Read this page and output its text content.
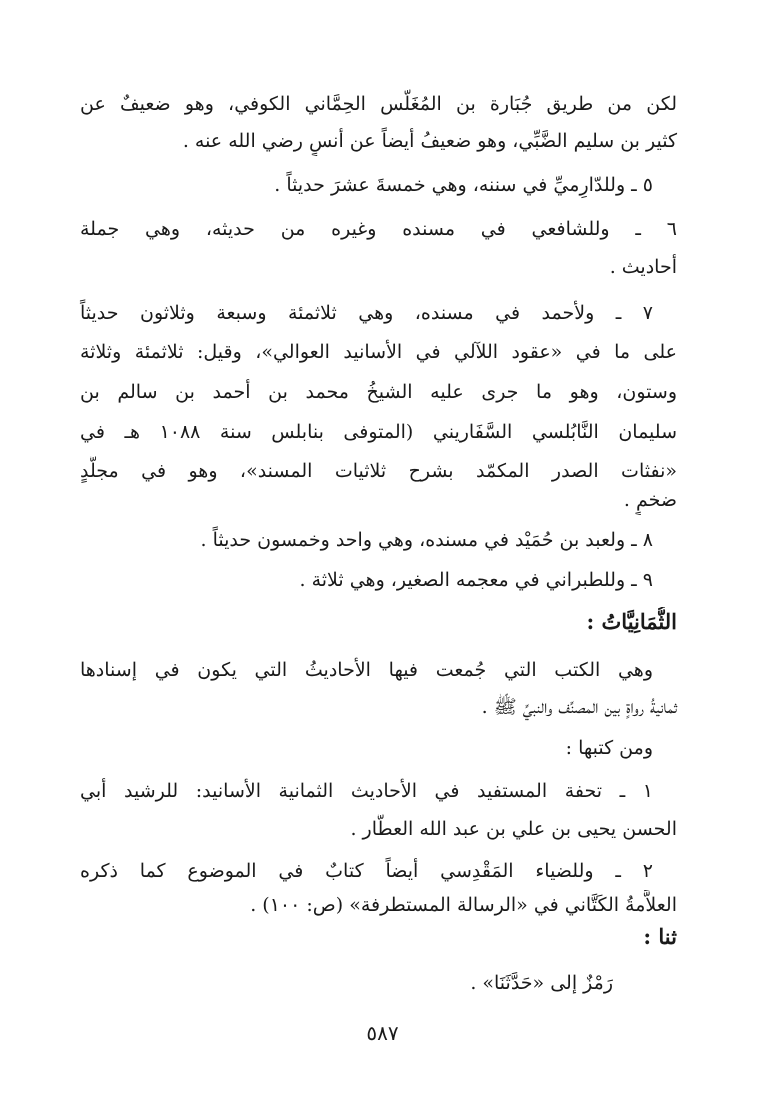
لكن من طريق جُبَارة بن المُغَلّس الحِمَّاني الكوفي، وهو ضعيفٌ عن
كثير بن سليم الضَّبِّي، وهو ضعيفُ أيضاً عن أنسٍ رضي الله عنه .
٥ ـ وللدّارِميِّ في سننه، وهي خمسةَ عشرَ حديثاً .
٦ ـ وللشافعي في مسنده وغيره من حديثه، وهي جملة
أحاديث .
٧ ـ ولأحمد في مسنده، وهي ثلاثمئة وسبعة وثلاثون حديثاً
على ما في «عقود اللآلي في الأسانيد العوالي»، وقيل: ثلاثمئة وثلاثة
وستون، وهو ما جرى عليه الشيخُ محمد بن أحمد بن سالم بن
سليمان النَّابُلسي السَّفَاريني (المتوفى بنابلس سنة ١٠٨٨ هـ في
«نفثات الصدر المكمّد بشرح ثلاثيات المسند»، وهو في مجلَّدٍ
ضخمٍ .
٨ ـ ولعبد بن حُمَيْد في مسنده، وهي واحد وخمسون حديثاً .
٩ ـ وللطبراني في معجمه الصغير، وهي ثلاثة .
الثُّمَانِيَّاتُ :
وهي الكتب التي جُمعت فيها الأحاديثُ التي يكون في إسنادها
ثمانيةُ رواةٍ بين المصنِّف والنبيِّ ﷺ .
ومن كتبها :
١ ـ تحفة المستفيد في الأحاديث الثمانية الأسانيد: للرشيد أبي
الحسن يحيى بن علي بن عبد الله العطَّار .
٢ ـ وللضياء المَقْدِسي أيضاً كتابٌ في الموضوع كما ذكره
العلاَّمةُ الكَتَّاني في «الرسالة المستطرفة» (ص: ١٠٠) .
ثنا :
رَمْزٌ إلى «حَدَّثَنَا» .
٥٨٧
